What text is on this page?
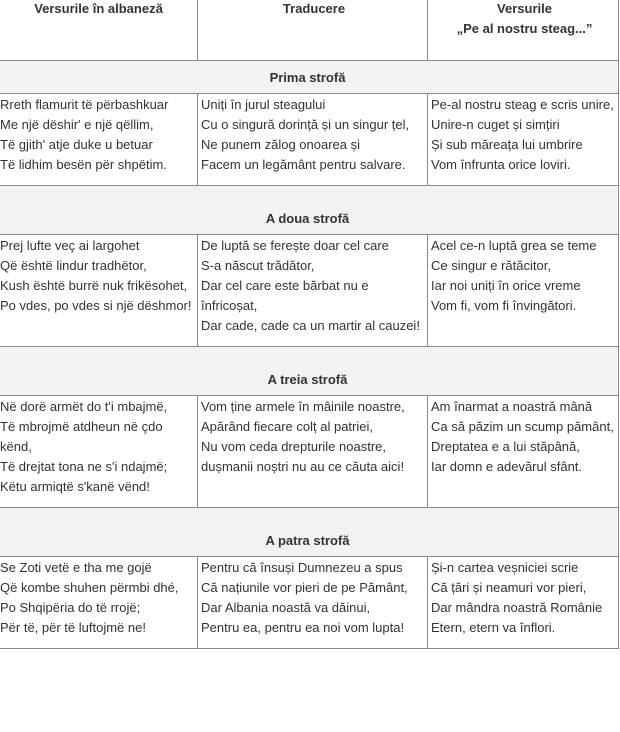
Versurile în albaneză	Traducere	Versurile
„Pe al nostru steag...”

Prima strofă		

Rreth flamurit të përbashkuar
Me një dëshir' e një qëllim,
Të gjith' atje duke u betuar
Të lidhim besën për shpëtim.	Uniți în jurul steagului
Cu o singură dorință și un singur țel,
Ne punem zălog onoarea și
Facem un legământ pentru salvare.	Pe-al nostru steag e scris unire,
Unire-n cuget și simțiri
Și sub măreața lui umbrire
Vom înfrunta orice loviri.

A doua strofă		

Prej lufte veç ai largohet
Që është lindur tradhëtor,
Kush është burrë nuk frikësohet,
Po vdes, po vdes si një dëshmor!	De luptă se ferește doar cel care
S-a născut trădător,
Dar cel care este bărbat nu e înfricoșat,
Dar cade, cade ca un martir al cauzei!	Acel ce-n luptă grea se teme
Ce singur e rătăcitor,
Iar noi uniți în orice vreme
Vom fi, vom fi învingători.

A treia strofă		

Në dorë armët do t'i mbajmë,
Të mbrojmë atdheun në çdo kënd,
Të drejtat tona ne s'i ndajmë;
Këtu armiqtë s'kanë vënd!	Vom ține armele în mâinile noastre,
Apărând fiecare colț al patriei,
Nu vom ceda drepturile noastre,
dușmanii noștri nu au ce căuta aici!	Am înarmat a noastră mână
Ca să păzim un scump pământ,
Dreptatea e a lui stăpână,
Iar domn e adevărul sfânt.

A patra strofă		

Se Zoti vetë e tha me gojë
Që kombe shuhen përmbi dhé,
Po Shqipëria do të rrojë;
Për të, për të luftojmë ne!	Pentru că însuși Dumnezeu a spus
Că națiunile vor pieri de pe Pământ,
Dar Albania noastă va dăinui,
Pentru ea, pentru ea noi vom lupta!	Și-n cartea veșniciei scrie
Că țări și neamuri vor pieri,
Dar mândra noastră Românie
Etern, etern va înflori.
